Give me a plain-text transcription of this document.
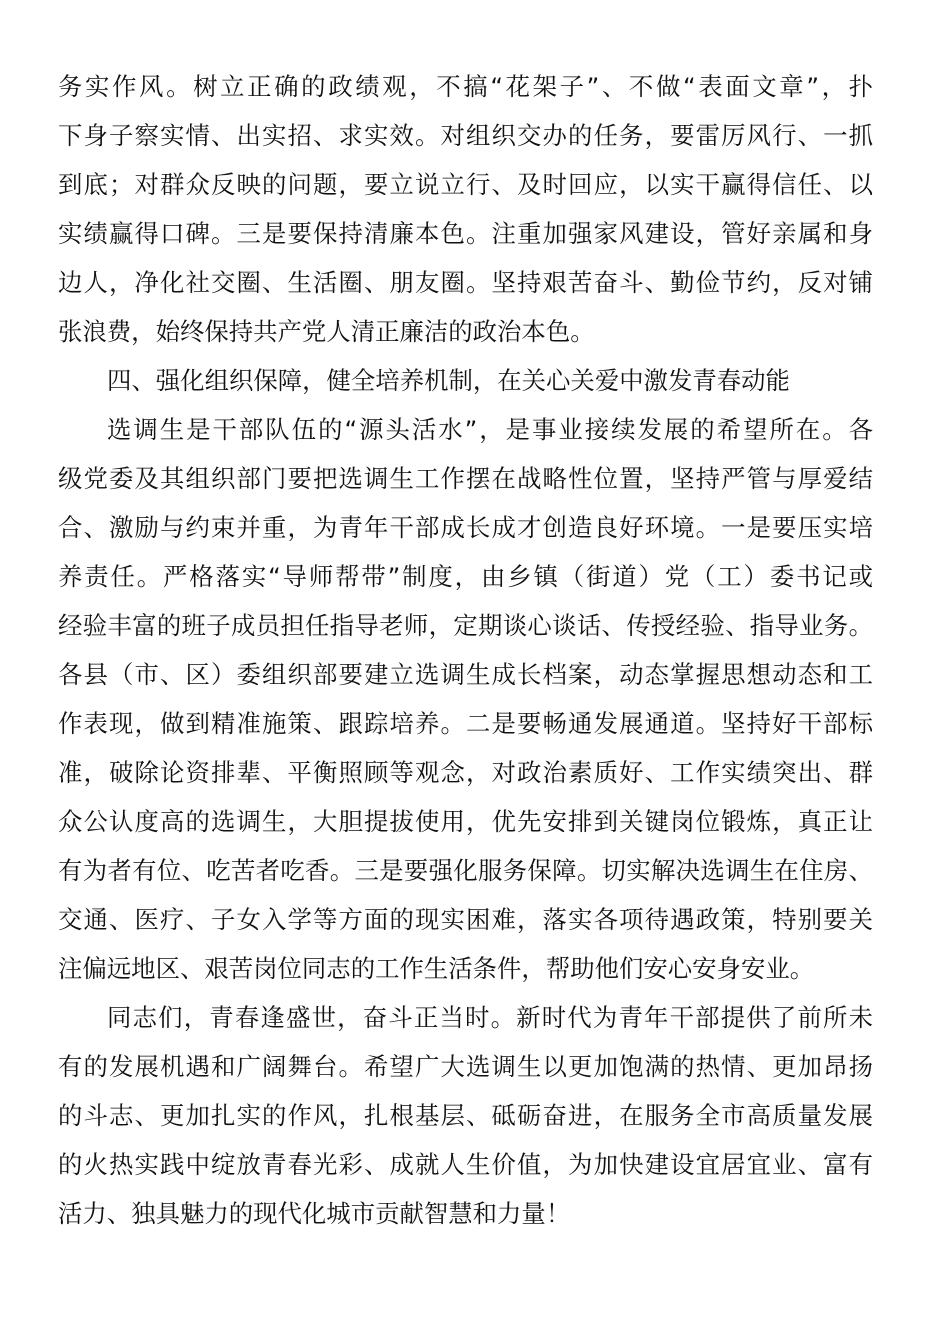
务实作风。树立正确的政绩观，不搞“花架子”、不做“表面文章”，扑
下身子察实情、出实招、求实效。对组织交办的任务，要雷厉风行、一抓
到底；对群众反映的问题，要立说立行、及时回应，以实干赢得信任、以
实绩赢得口碑。三是要保持清廉本色。注重加强家风建设，管好亲属和身
边人，净化社交圈、生活圈、朋友圈。坚持艰苦奋斗、勤俭节约，反对铺
张浪费，始终保持共产党人清正廉洁的政治本色。
四、强化组织保障，健全培养机制，在关心关爱中激发青春动能
选调生是干部队伍的“源头活水”，是事业接续发展的希望所在。各
级党委及其组织部门要把选调生工作摆在战略性位置，坚持严管与厚爱结
合、激励与约束并重，为青年干部成长成才创造良好环境。一是要压实培
养责任。严格落实“导师帮带”制度，由乡镇（街道）党（工）委书记或
经验丰富的班子成员担任指导老师，定期谈心谈话、传授经验、指导业务。
各县（市、区）委组织部要建立选调生成长档案，动态掌握思想动态和工
作表现，做到精准施策、跟踪培养。二是要畅通发展通道。坚持好干部标
准，破除论资排辈、平衡照顾等观念，对政治素质好、工作实绩突出、群
众公认度高的选调生，大胆提拔使用，优先安排到关键岗位锻炼，真正让
有为者有位、吃苦者吃香。三是要强化服务保障。切实解决选调生在住房、
交通、医疗、子女入学等方面的现实困难，落实各项待遇政策，特别要关
注偏远地区、艰苦岗位同志的工作生活条件，帮助他们安心安身安业。
同志们，青春逢盛世，奋斗正当时。新时代为青年干部提供了前所未
有的发展机遇和广阔舞台。希望广大选调生以更加饱满的热情、更加昂扬
的斗志、更加扎实的作风，扎根基层、砥砺奋进，在服务全市高质量发展
的火热实践中绽放青春光彩、成就人生价值，为加快建设宜居宜业、富有
活力、独具魅力的现代化城市贡献智慧和力量！
